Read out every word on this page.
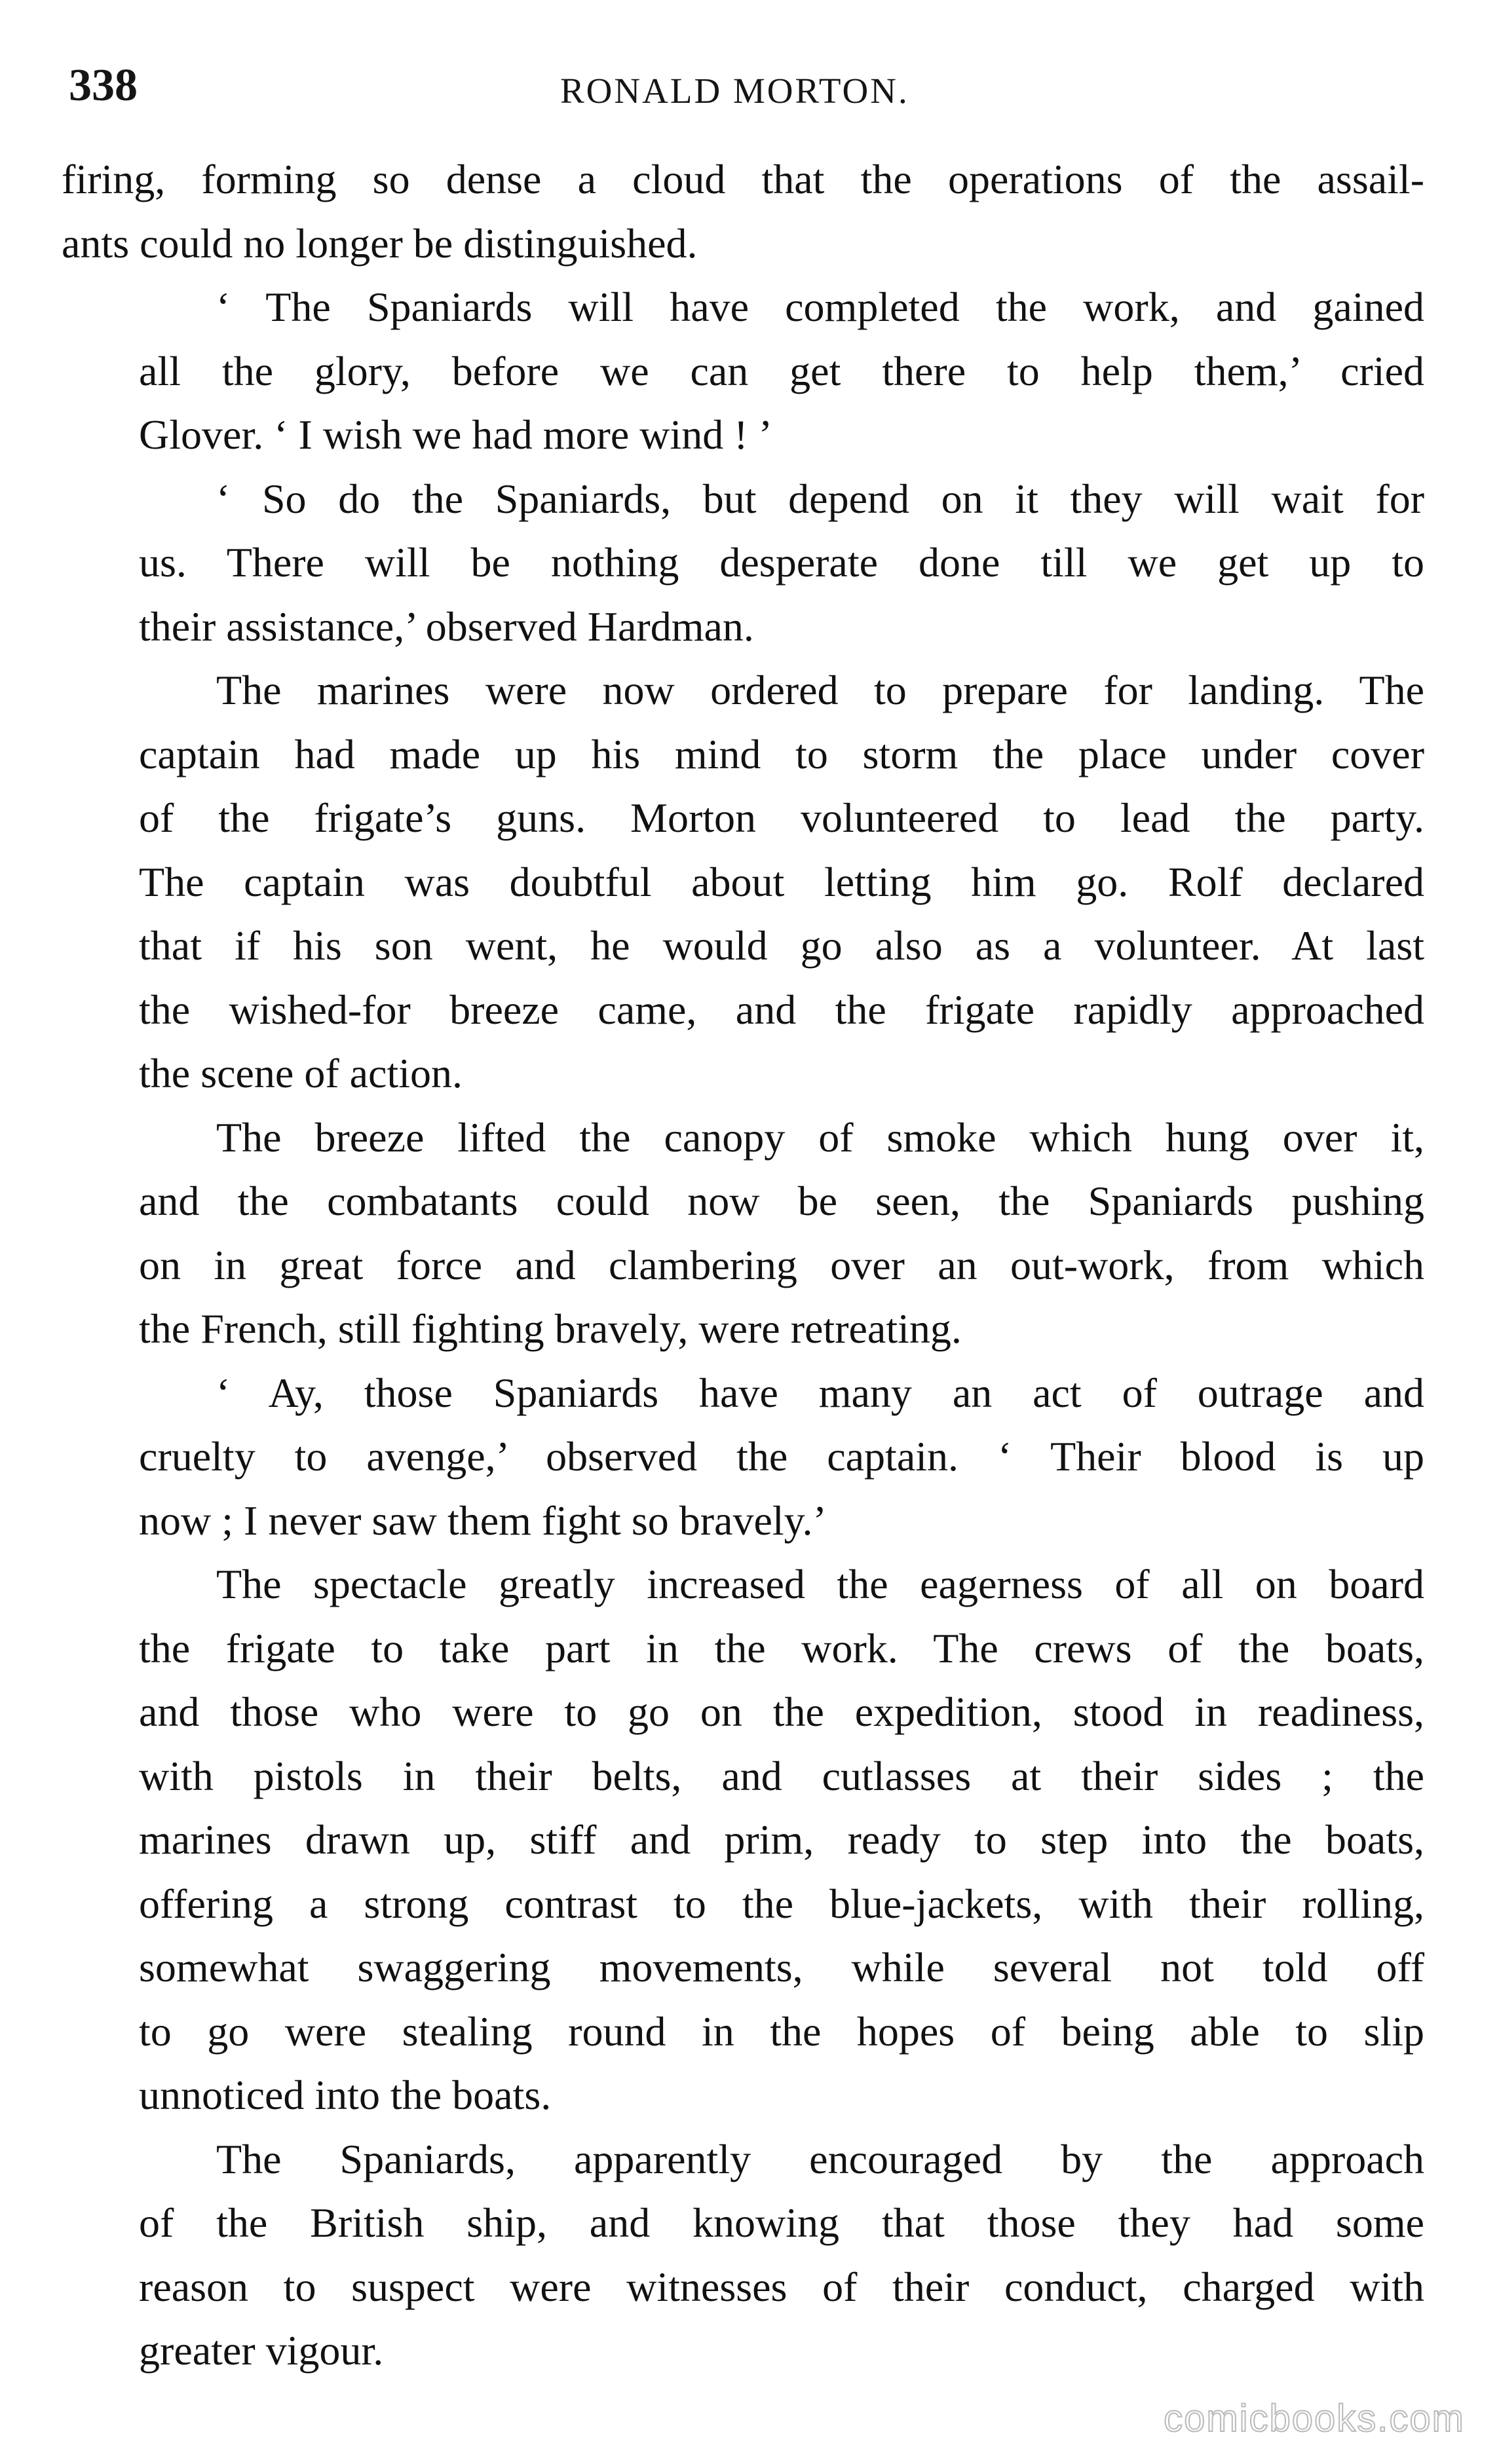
338	RONALD MORTON.

firing, forming so dense a cloud that the operations of the assail-
ants could no longer be distinguished.

‘ The Spaniards will have completed the work, and gained
all the glory, before we can get there to help them,’ cried
Glover. ‘ I wish we had more wind ! ’

‘ So do the Spaniards, but depend on it they will wait for
us. There will be nothing desperate done till we get up to
their assistance,’ observed Hardman.

The marines were now ordered to prepare for landing. The
captain had made up his mind to storm the place under cover
of the frigate’s guns. Morton volunteered to lead the party.
The captain was doubtful about letting him go. Rolf declared
that if his son went, he would go also as a volunteer. At last
the wished-for breeze came, and the frigate rapidly approached
the scene of action.

The breeze lifted the canopy of smoke which hung over it,
and the combatants could now be seen, the Spaniards pushing
on in great force and clambering over an out-work, from which
the French, still fighting bravely, were retreating.

‘ Ay, those Spaniards have many an act of outrage and
cruelty to avenge,’ observed the captain. ‘ Their blood is up
now ; I never saw them fight so bravely.’

The spectacle greatly increased the eagerness of all on board
the frigate to take part in the work. The crews of the boats,
and those who were to go on the expedition, stood in readiness,
with pistols in their belts, and cutlasses at their sides ; the
marines drawn up, stiff and prim, ready to step into the boats,
offering a strong contrast to the blue-jackets, with their rolling,
somewhat swaggering movements, while several not told off
to go were stealing round in the hopes of being able to slip
unnoticed into the boats.

The Spaniards, apparently encouraged by the approach
of the British ship, and knowing that those they had some
reason to suspect were witnesses of their conduct, charged with
greater vigour.

comicbooks.com
